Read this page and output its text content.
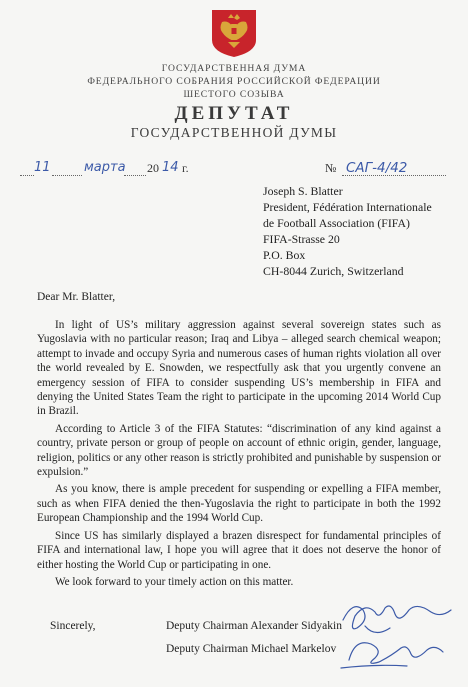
ГОСУДАРСТВЕННАЯ ДУМА
ФЕДЕРАЛЬНОГО СОБРАНИЯ РОССИЙСКОЙ ФЕДЕРАЦИИ
ШЕСТОГО СОЗЫВА
ДЕПУТАТ
ГОСУДАРСТВЕННОЙ ДУМЫ
11	марта 20 14 г.	№ САГ-4/42
Joseph S. Blatter
President, Fédération Internationale
de Football Association (FIFA)
FIFA-Strasse 20
P.O. Box
CH-8044 Zurich, Switzerland
Dear Mr. Blatter,

In light of US’s military aggression against several sovereign states such as Yugoslavia with no particular reason; Iraq and Libya – alleged search chemical weapon; attempt to invade and occupy Syria and numerous cases of human rights violation all over the world revealed by E. Snowden, we respectfully ask that you urgently convene an emergency session of FIFA to consider suspending US’s membership in FIFA and denying the United States Team the right to participate in the upcoming 2014 World Cup in Brazil.

According to Article 3 of the FIFA Statutes: “discrimination of any kind against a country, private person or group of people on account of ethnic origin, gender, language, religion, politics or any other reason is strictly prohibited and punishable by suspension or expulsion.”

As you know, there is ample precedent for suspending or expelling a FIFA member, such as when FIFA denied the then-Yugoslavia the right to participate in both the 1992 European Championship and the 1994 World Cup.

Since US has similarly displayed a brazen disrespect for fundamental principles of FIFA and international law, I hope you will agree that it does not deserve the honor of either hosting the World Cup or participating in one.

We look forward to your timely action on this matter.

Sincerely,	Deputy Chairman Alexander Sidyakin
Deputy Chairman Michael Markelov
